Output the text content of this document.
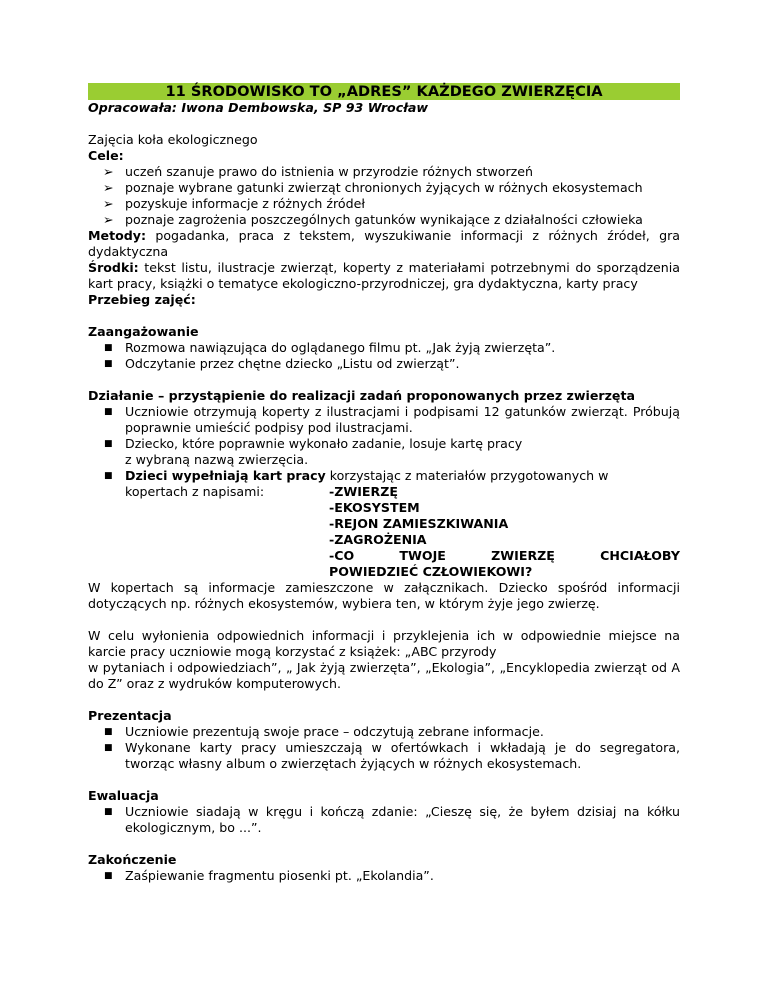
11 ŚRODOWISKO TO „ADRES” KAŻDEGO ZWIERZĘCIA
Opracowała: Iwona Dembowska, SP 93 Wrocław
Zajęcia koła ekologicznego
Cele:
➢ uczeń szanuje prawo do istnienia w przyrodzie różnych stworzeń
➢ poznaje wybrane gatunki zwierząt chronionych żyjących w różnych ekosystemach
➢ pozyskuje informacje z różnych źródeł
➢ poznaje zagrożenia poszczególnych gatunków wynikające z działalności człowieka
Metody: pogadanka, praca z tekstem, wyszukiwanie informacji z różnych źródeł, gra dydaktyczna
Środki: tekst listu, ilustracje zwierząt, koperty z materiałami potrzebnymi do sporządzenia kart pracy, książki o tematyce ekologiczno-przyrodniczej, gra dydaktyczna, karty pracy
Przebieg zajęć:
Zaangażowanie
■ Rozmowa nawiązująca do oglądanego filmu pt. „Jak żyją zwierzęta”.
■ Odczytanie przez chętne dziecko „Listu od zwierząt”.
Działanie – przystąpienie do realizacji zadań proponowanych przez zwierzęta
■ Uczniowie otrzymują koperty z ilustracjami i podpisami 12 gatunków zwierząt. Próbują poprawnie umieścić podpisy pod ilustracjami.
■ Dziecko, które poprawnie wykonało zadanie, losuje kartę pracy
z wybraną nazwą zwierzęcia.
■ Dzieci wypełniają kart pracy korzystając z materiałów przygotowanych w
kopertach z napisami:	-ZWIERZĘ
-EKOSYSTEM
-REJON ZAMIESZKIWANIA
-ZAGROŻENIA
-CO	TWOJE	ZWIERZĘ	CHCIAŁOBY
POWIEDZIEĆ CZŁOWIEKOWI?
W kopertach są informacje zamieszczone w załącznikach. Dziecko spośród informacji dotyczących np. różnych ekosystemów, wybiera ten, w którym żyje jego zwierzę.
W celu wyłonienia odpowiednich informacji i przyklejenia ich w odpowiednie miejsce na karcie pracy uczniowie mogą korzystać z książek: „ABC przyrody
w pytaniach i odpowiedziach”, „ Jak żyją zwierzęta”, „Ekologia”, „Encyklopedia zwierząt od A do Z” oraz z wydruków komputerowych.
Prezentacja
■ Uczniowie prezentują swoje prace – odczytują zebrane informacje.
■ Wykonane karty pracy umieszczają w ofertówkach i wkładają je do segregatora, tworząc własny album o zwierzętach żyjących w różnych ekosystemach.
Ewaluacja
■ Uczniowie siadają w kręgu i kończą zdanie: „Cieszę się, że byłem dzisiaj na kółku ekologicznym, bo ...”.
Zakończenie
■ Zaśpiewanie fragmentu piosenki pt. „Ekolandia”.
